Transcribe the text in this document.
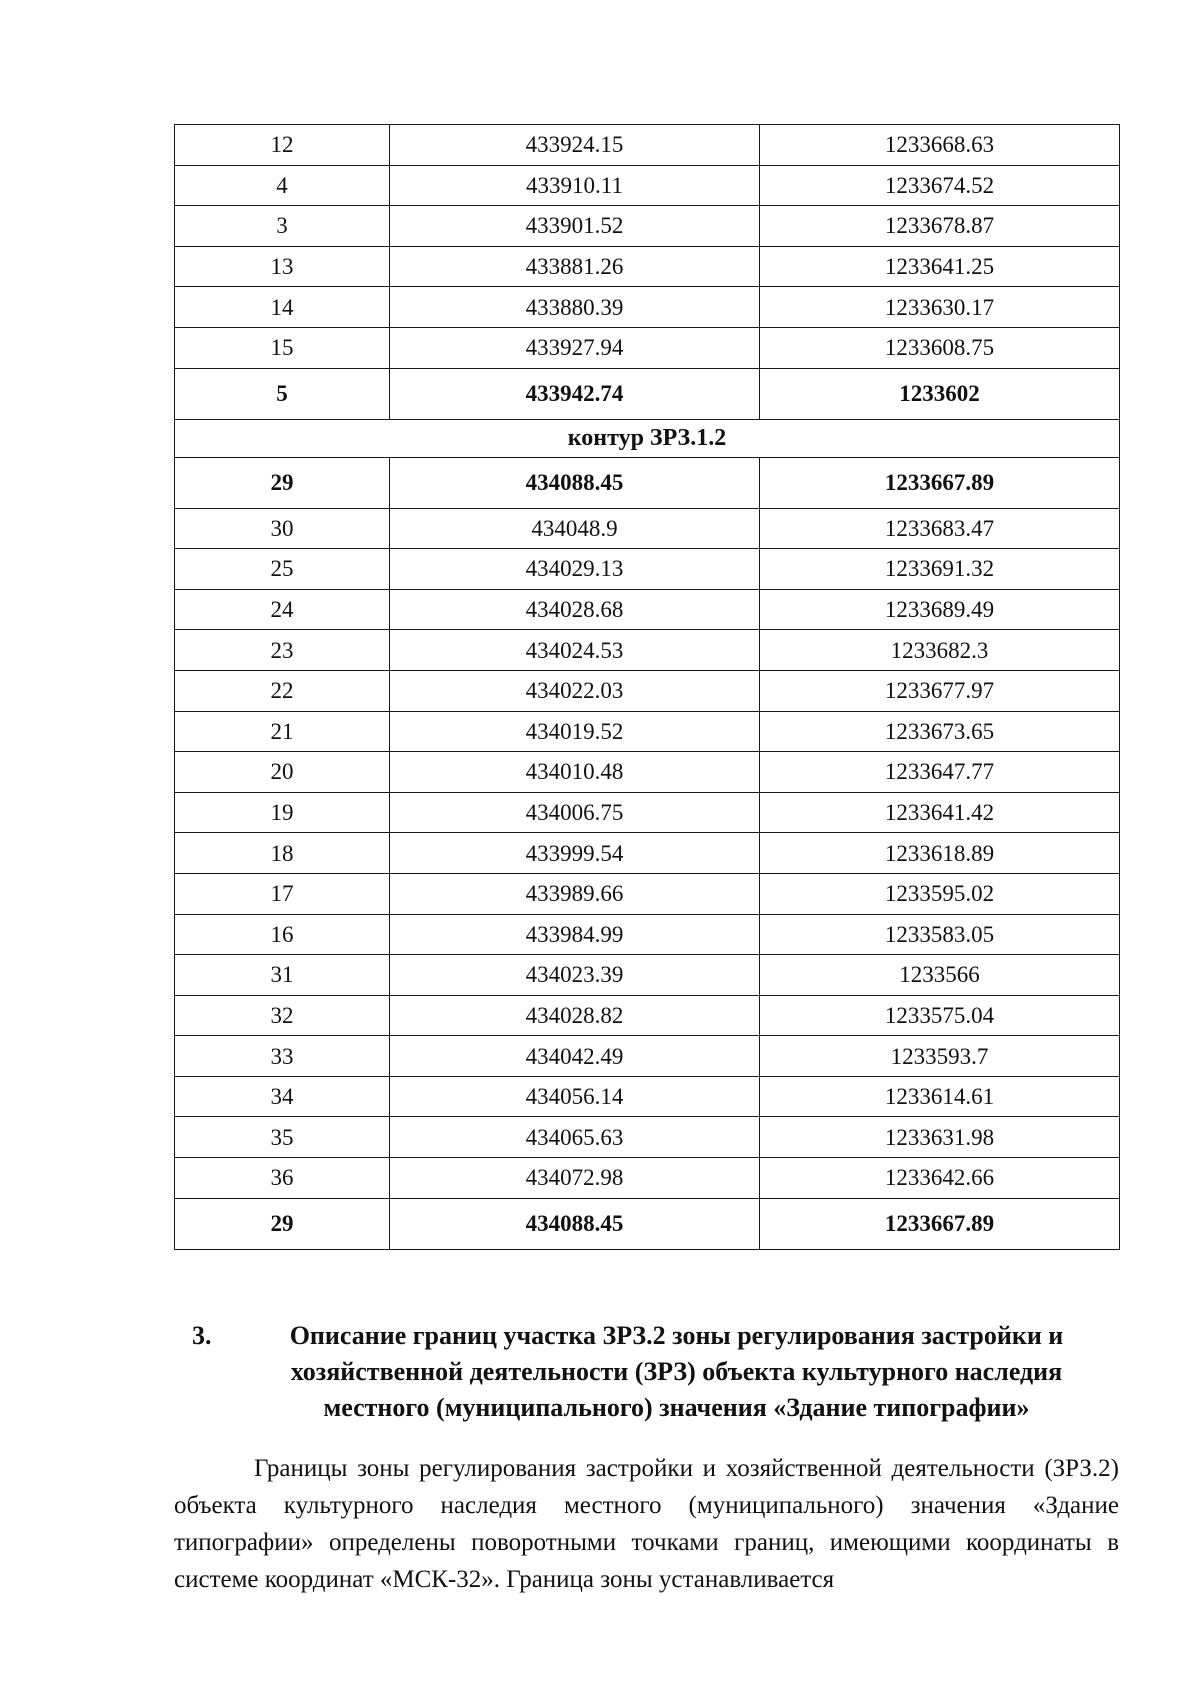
12	433924.15	1233668.63
4	433910.11	1233674.52
3	433901.52	1233678.87
13	433881.26	1233641.25
14	433880.39	1233630.17
15	433927.94	1233608.75
5	433942.74	1233602
контур ЗРЗ.1.2		
29	434088.45	1233667.89
30	434048.9	1233683.47
25	434029.13	1233691.32
24	434028.68	1233689.49
23	434024.53	1233682.3
22	434022.03	1233677.97
21	434019.52	1233673.65
20	434010.48	1233647.77
19	434006.75	1233641.42
18	433999.54	1233618.89
17	433989.66	1233595.02
16	433984.99	1233583.05
31	434023.39	1233566
32	434028.82	1233575.04
33	434042.49	1233593.7
34	434056.14	1233614.61
35	434065.63	1233631.98
36	434072.98	1233642.66
29	434088.45	1233667.89
3.	Описание границ участка ЗРЗ.2 зоны регулирования застройки и
хозяйственной деятельности (ЗРЗ) объекта культурного наследия
местного (муниципального) значения «Здание типографии»
Границы зоны регулирования застройки и хозяйственной деятельности (ЗРЗ.2) объекта культурного наследия местного (муниципального) значения «Здание типографии» определены поворотными точками границ, имеющими координаты в системе координат «МСК-32». Граница зоны устанавливается
